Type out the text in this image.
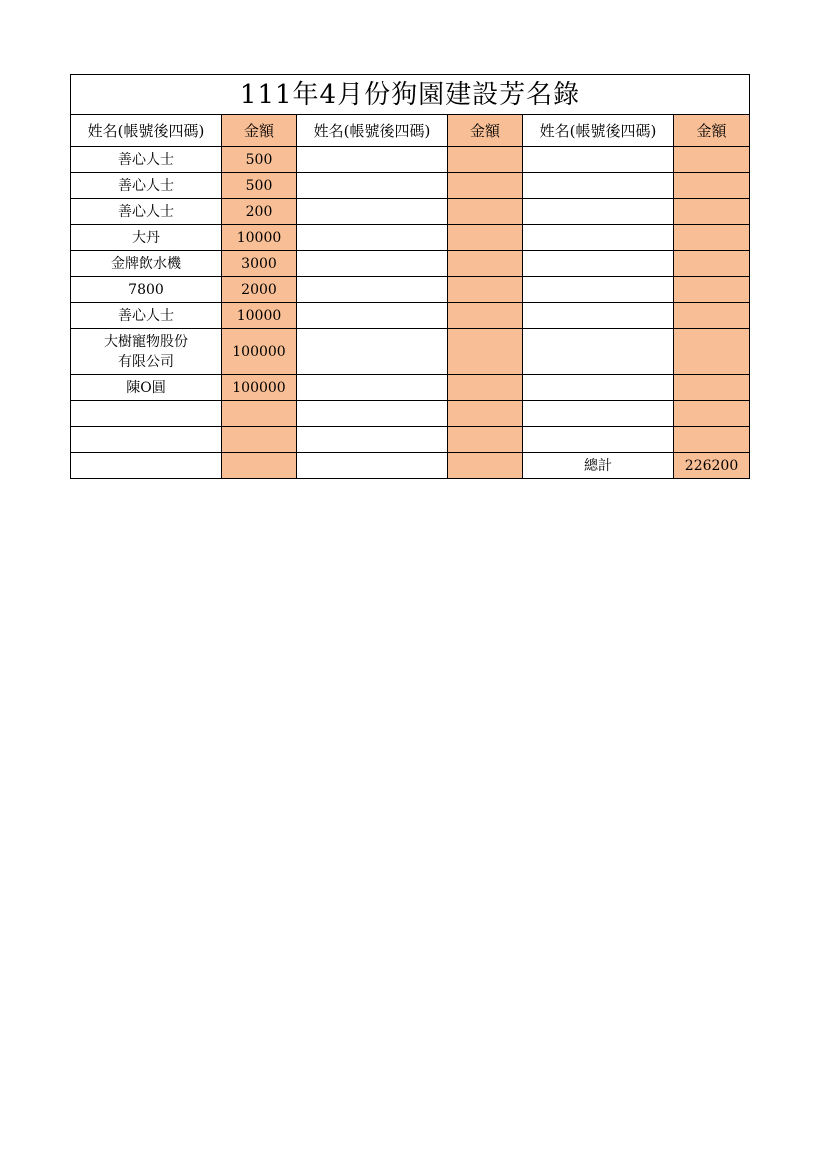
111年4月份狗園建設芳名錄					
姓名(帳號後四碼)	金額	姓名(帳號後四碼)	金額	姓名(帳號後四碼)	金額
善心人士	500				
善心人士	500				
善心人士	200				
大丹	10000				
金牌飲水機	3000				
7800	2000				
善心人士	10000				

大樹寵物股份
有限公司	100000				
陳O圓	100000				

				總計	226200
